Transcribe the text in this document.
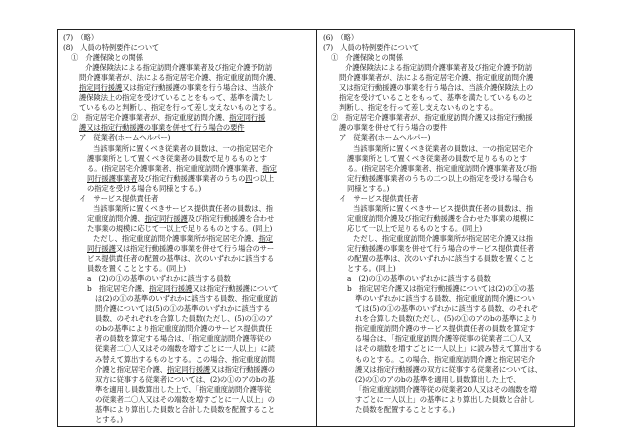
(7)　（略）
(8)　人員の特例要件について
①　介護保険との関係
介護保険法による指定訪問介護事業者及び指定介護予防訪
問介護事業者が、法による指定居宅介護、指定重度訪問介護、
指定同行援護又は指定行動援護の事業を行う場合は、当該介
護保険法上の指定を受けていることをもって、基準を満たし
ているものと判断し、指定を行って差し支えないものとする。
②　指定居宅介護事業者が、指定重度訪問介護、指定同行援
護又は指定行動援護の事業を併せて行う場合の要件
ア　従業者(ホームヘルパー)
当該事業所に置くべき従業者の員数は、一の指定居宅介
護事業所として置くべき従業者の員数で足りるものとす
る。(指定居宅介護事業者、指定重度訪問介護事業者、指定
同行援護事業者及び指定行動援護事業者のうちの四つ以上
の指定を受ける場合も同様とする。)
イ　サービス提供責任者
当該事業所に置くべきサービス提供責任者の員数は、指
定重度訪問介護、指定同行援護及び指定行動援護を合わせ
た事業の規模に応じて一以上で足りるものとする。(同上)
ただし、指定重度訪問介護事業所が指定居宅介護、指定
同行援護又は指定行動援護の事業を併せて行う場合のサー
ビス提供責任者の配置の基準は、次のいずれかに該当する
員数を置くこととする。(同上)
a　(2)の①の基準のいずれかに該当する員数
b　指定居宅介護、指定同行援護又は指定行動援護について
は(2)の①の基準のいずれかに該当する員数、指定重度訪
問介護については(5)の①の基準のいずれかに該当する
員数、のそれぞれを合算した員数(ただし、(5)の①のア
のbの基準により指定重度訪問介護のサービス提供責任
者の員数を算定する場合は、「指定重度訪問介護等従の
従業者二〇人又はその端数を増すごとに一人以上」に読
み替えて算出するものとする。この場合、指定重度訪問
介護と指定居宅介護、指定同行援護又は指定行動援護の
双方に従事する従業者については、(2)の①のアのbの基
準を適用し員数算出した上で、「指定重度訪問介護等従
の従業者二〇人又はその端数を増すごとに一人以上」の
基準により算出した員数と合計した員数を配置すること
とする。)
(6)　（略）
(7)　人員の特例要件について
①　介護保険との関係
介護保険法による指定訪問介護事業者及び指定介護予防訪
問介護事業者が、法による指定居宅介護、指定重度訪問介護
又は指定行動援護の事業を行う場合は、当該介護保険法上の
指定を受けていることをもって、基準を満たしているものと
判断し、指定を行って差し支えないものとする。
②　指定居宅介護事業者が、指定重度訪問介護又は指定行動援
護の事業を併せて行う場合の要件
ア　従業者(ホームヘルパー)
当該事業所に置くべき従業者の員数は、一の指定居宅介
護事業所として置くべき従業者の員数で足りるものとす
る。(指定居宅介護事業者、指定重度訪問介護事業者及び指
定行動援護事業者のうちの二つ以上の指定を受ける場合も
同様とする。)
イ　サービス提供責任者
当該事業所に置くべきサービス提供責任者の員数は、指
定重度訪問介護及び指定行動援護を合わせた事業の規模に
応じて一以上で足りるものとする。(同上)
ただし、指定重度訪問介護事業所が指定居宅介護又は指
定行動援護の事業を併せて行う場合のサービス提供責任者
の配置の基準は、次のいずれかに該当する員数を置くこと
とする。(同上)
a　(2)の①の基準のいずれかに該当する員数
b　指定居宅介護又は指定行動援護については(2)の①の基
準のいずれかに該当する員数、指定重度訪問介護につい
ては(5)の①の基準のいずれかに該当する員数、のそれぞ
れを合算した員数(ただし、(5)の①のアのbの基準により
指定重度訪問介護のサービス提供責任者の員数を算定す
る場合は、「指定重度訪問介護等従事の従業者二〇人又
はその端数を増すごとに一人以上」に読み替えて算出する
ものとする。この場合、指定重度訪問介護と指定居宅介
護又は指定行動援護の双方に従事する従業者については、
(2)の①のアのbの基準を適用し員数算出した上で、
「指定重度訪問介護等従の従業者20人又はその端数を増
すごとに一人以上」の基準により算出した員数と合計し
た員数を配置することとする。)
